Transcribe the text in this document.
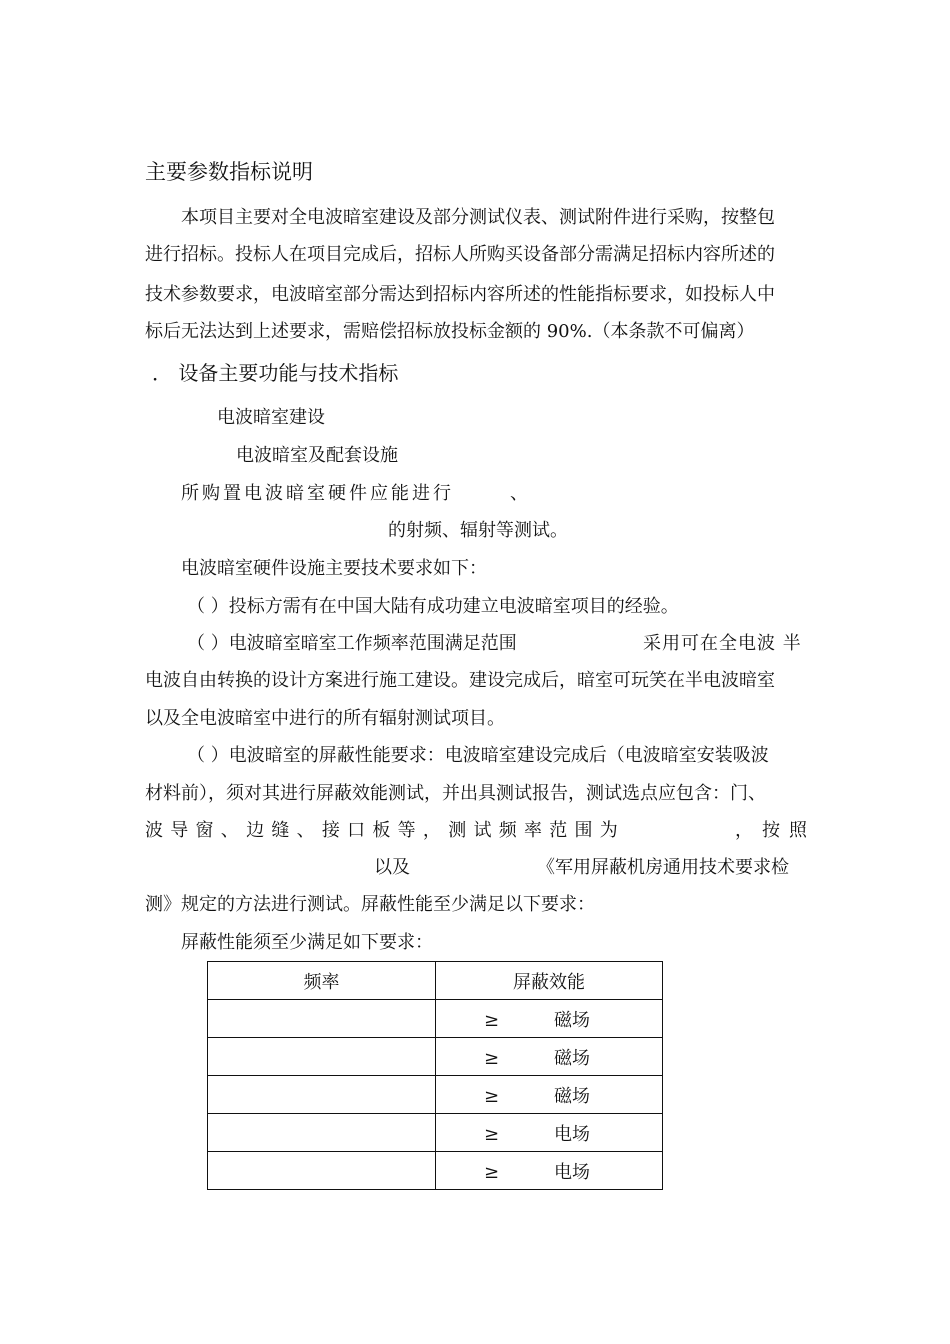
主要参数指标说明
本项目主要对全电波暗室建设及部分测试仪表、测试附件进行采购，按整包
进行招标。投标人在项目完成后，招标人所购买设备部分需满足招标内容所述的
技术参数要求，电波暗室部分需达到招标内容所述的性能指标要求，如投标人中
标后无法达到上述要求，需赔偿招标放投标金额的 90%.（本条款不可偏离）
． 设备主要功能与技术指标
电波暗室建设
电波暗室及配套设施
所购置电波暗室硬件应能进行	、
的射频、辐射等测试。
电波暗室硬件设施主要技术要求如下：
（ ）投标方需有在中国大陆有成功建立电波暗室项目的经验。
（ ）电波暗室暗室工作频率范围满足范围	采用可在全电波 半
电波自由转换的设计方案进行施工建设。建设完成后，暗室可玩笑在半电波暗室
以及全电波暗室中进行的所有辐射测试项目。
（ ）电波暗室的屏蔽性能要求：电波暗室建设完成后（电波暗室安装吸波
材料前），须对其进行屏蔽效能测试，并出具测试报告，测试选点应包含：门、
波 导 窗 、 边 缝 、 接 口 板 等 ， 测 试 频 率 范 围 为	， 按 照
以及	《军用屏蔽机房通用技术要求检
测》规定的方法进行测试。屏蔽性能至少满足以下要求：
屏蔽性能须至少满足如下要求：
频率	屏蔽效能
	≥ 磁场
	≥ 磁场
	≥ 磁场
	≥ 电场
	≥ 电场
